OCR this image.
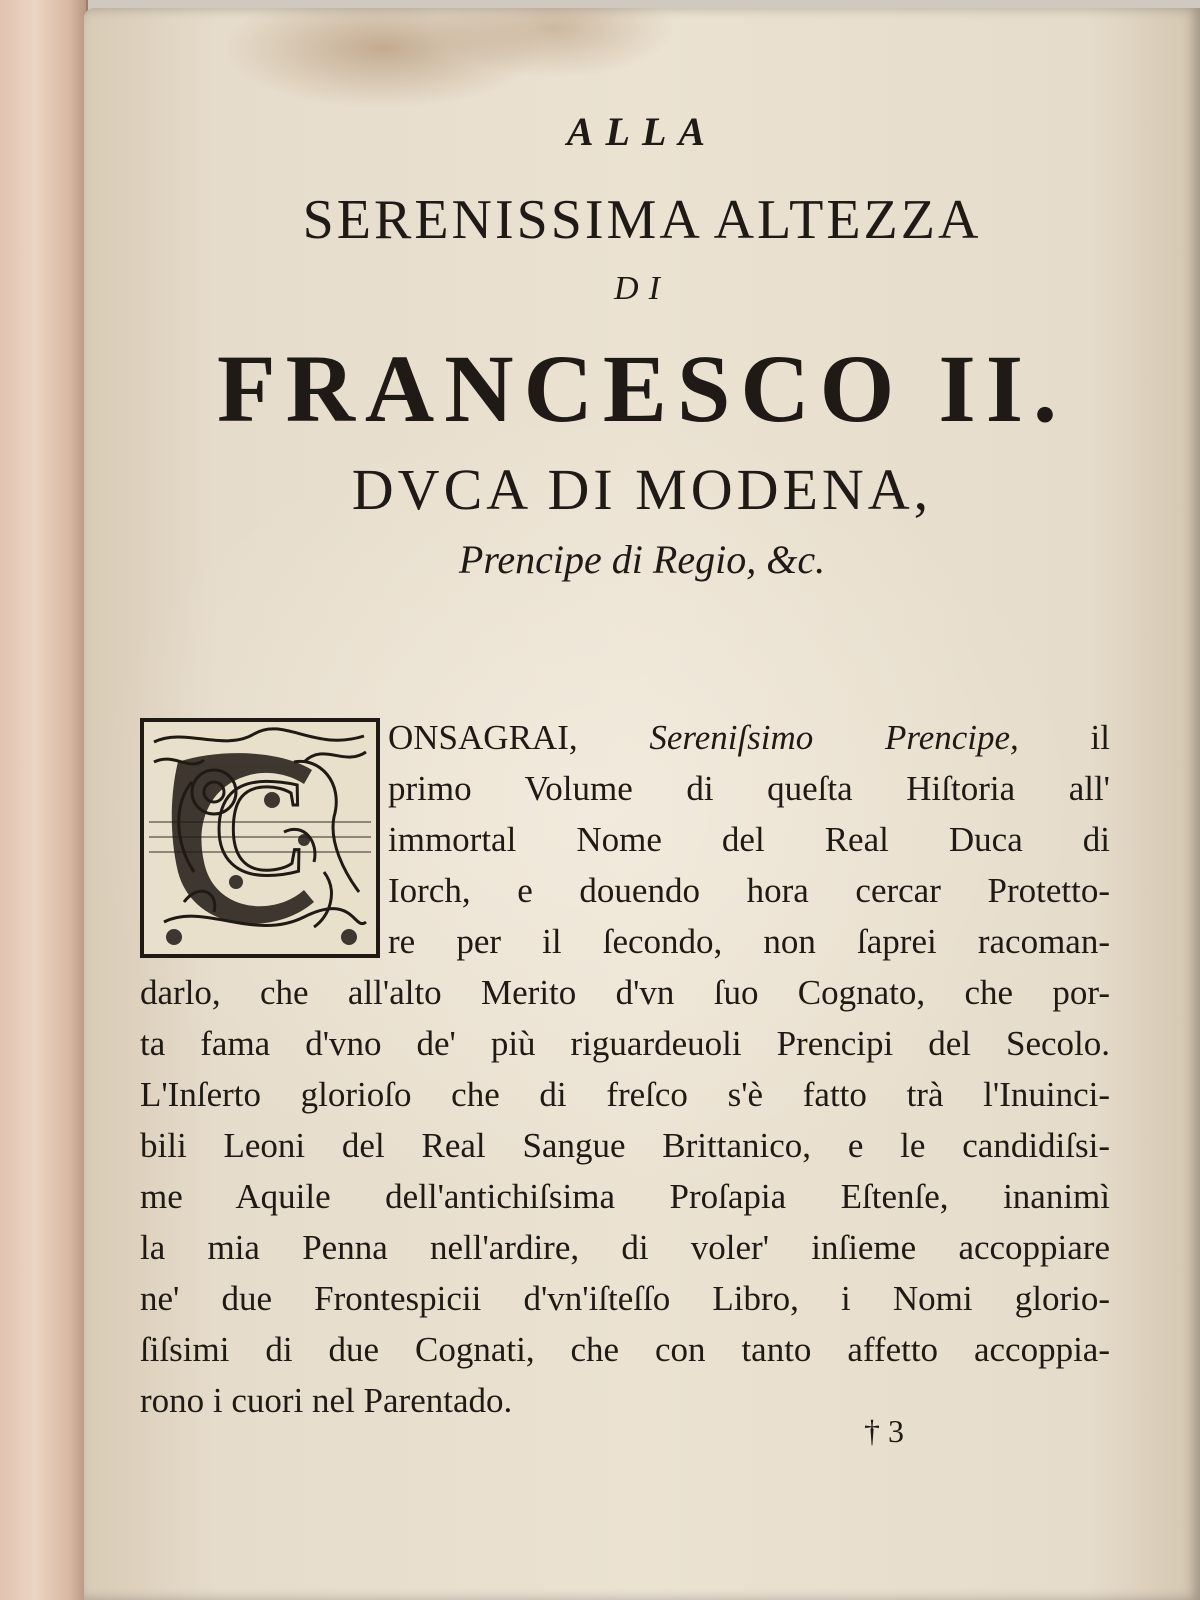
ALLA
SERENISSIMA ALTEZZA
DI
FRANCESCO II.
DVCA DI MODENA,
Prencipe di Regio, &c.
C
ONSAGRAI, Sereniſsimo Prencipe, il
primo Volume di queſta Hiſtoria all'
immortal Nome del Real Duca di
Iorch, e douendo hora cercar Protetto-
re per il ſecondo, non ſaprei racoman-
darlo, che all'alto Merito d'vn ſuo Cognato, che por-
ta fama d'vno de' più riguardeuoli Prencipi del Secolo.
L'Inſerto glorioſo che di freſco s'è fatto trà l'Inuinci-
bili Leoni del Real Sangue Brittanico, e le candidiſsi-
me Aquile dell'antichiſsima Proſapia Eſtenſe, inanimì
la mia Penna nell'ardire, di voler' inſieme accoppiare
ne' due Frontespicii d'vn'iſteſſo Libro, i Nomi glorio-
ſiſsimi di due Cognati, che con tanto affetto accoppia-
rono i cuori nel Parentado.
† 3
